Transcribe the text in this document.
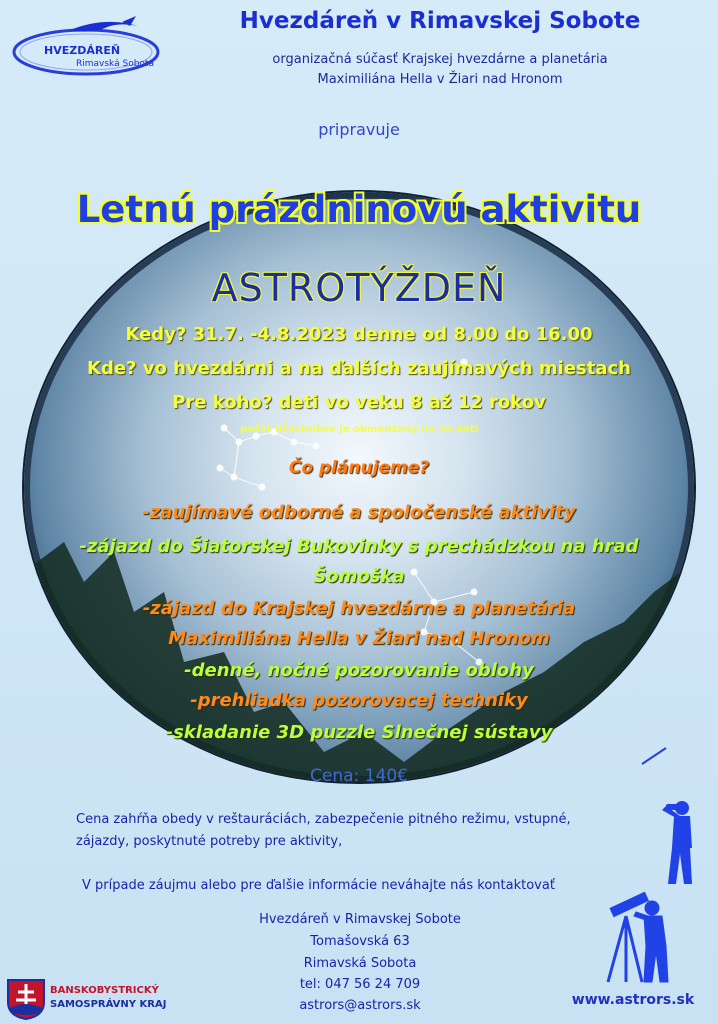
HVEZDÁREŇ
Rimavská Sobota
Hvezdáreň v Rimavskej Sobote
organizačná súčasť Krajskej hvezdárne a planetária
Maximiliána Hella v Žiari nad Hronom
pripravuje
Letnú prázdninovú aktivitu
ASTROTÝŽDEŇ
Kedy? 31.7. -4.8.2023 denne od 8.00 do 16.00
Kde? vo hvezdárni a na ďalších zaujímavých miestach
Pre koho? deti vo veku 8 až 12 rokov
počet účastníkov je obmedzený na 15 detí
Čo plánujeme?
-zaujímavé odborné a spoločenské aktivity
-zájazd do Šiatorskej Bukovinky s prechádzkou na hrad
Šomoška
-zájazd do Krajskej hvezdárne a planetária
Maximiliána Hella v Žiari nad Hronom
-denné, nočné pozorovanie oblohy
-prehliadka pozorovacej techniky
-skladanie 3D puzzle Slnečnej sústavy
Cena: 140€
Cena zahŕňa obedy v reštauráciách, zabezpečenie pitného režimu, vstupné,
zájazdy, poskytnuté potreby pre aktivity,
V prípade záujmu alebo pre ďalšie informácie neváhajte nás kontaktovať
Hvezdáreň v Rimavskej Sobote
Tomašovská 63
Rimavská Sobota
tel: 047 56 24 709
astrors@astrors.sk	www.astrors.sk
BANSKOBYSTRICKÝ
SAMOSPRÁVNY KRAJ
